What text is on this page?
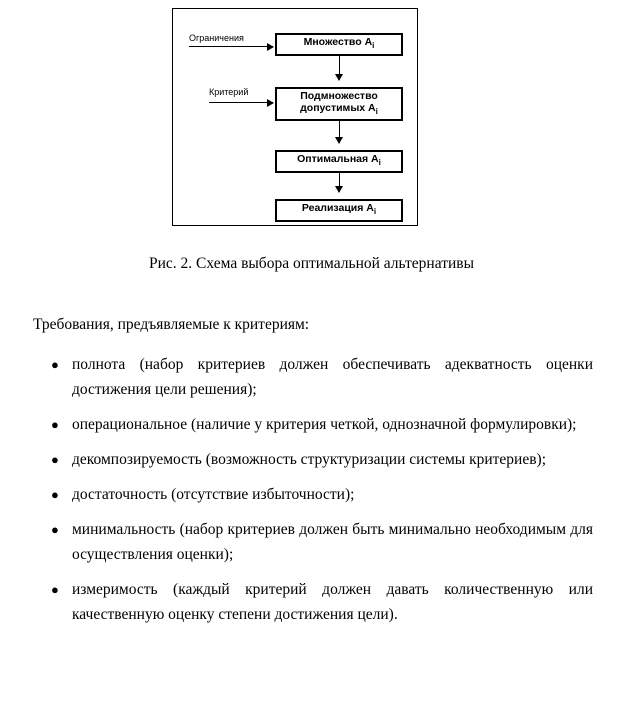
Ограничения
Критерий
Множество $A_i$
Подмножество
допустимых $A_i$
Оптимальная $A_i$
Реализация $A_i$
Рис. 2. Схема выбора оптимальной альтернативы
Требования, предъявляемые к критериям:
● полнота (набор критериев должен обеспечивать адекватность оценки достижения цели решения);
● операциональное (наличие у критерия четкой, однозначной формулировки);
● декомпозируемость (возможность структуризации системы критериев);
● достаточность (отсутствие избыточности);
● минимальность (набор критериев должен быть минимально необходимым для осуществления оценки);
● измеримость (каждый критерий должен давать количественную или качественную оценку степени достижения цели).
